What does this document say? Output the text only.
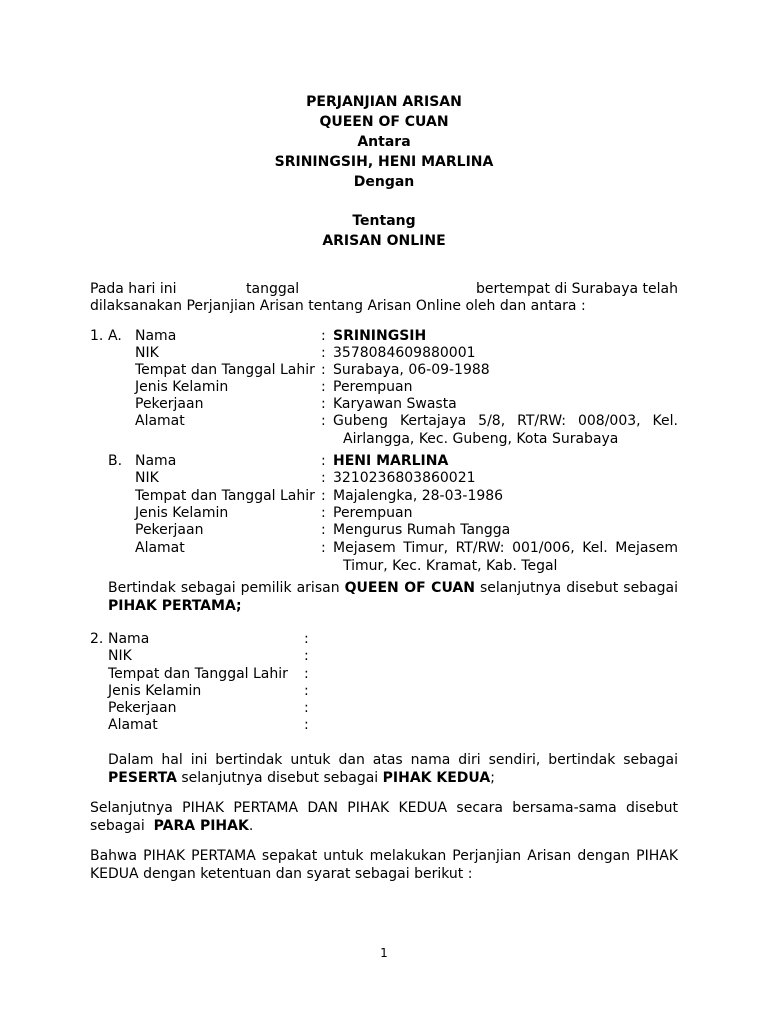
PERJANJIAN ARISAN
QUEEN OF CUAN
Antara
SRININGSIH, HENI MARLINA
Dengan
Tentang
ARISAN ONLINE
Pada hari ini	tanggal	bertempat di Surabaya telah
dilaksanakan Perjanjian Arisan tentang Arisan Online oleh dan antara :
1. A. Nama
NIK
Tempat dan Tanggal Lahir
Jenis Kelamin
Pekerjaan
Alamat
:
:
:
:
:
:
SRININGSIH
3578084609880001
Surabaya, 06-09-1988
Perempuan
Karyawan Swasta
Gubeng Kertajaya 5/8, RT/RW: 008/003, Kel.
Airlangga, Kec. Gubeng, Kota Surabaya
B. Nama
NIK
Tempat dan Tanggal Lahir
Jenis Kelamin
Pekerjaan
Alamat
:
:
:
:
:
:
HENI MARLINA
3210236803860021
Majalengka, 28-03-1986
Perempuan
Mengurus Rumah Tangga
Mejasem Timur, RT/RW: 001/006, Kel. Mejasem
Timur, Kec. Kramat, Kab. Tegal
Bertindak sebagai pemilik arisan QUEEN OF CUAN selanjutnya disebut sebagai
PIHAK PERTAMA;
2. Nama
NIK
Tempat dan Tanggal Lahir
Jenis Kelamin
Pekerjaan
Alamat
:
:
:
:
:
:
Dalam hal ini bertindak untuk dan atas nama diri sendiri, bertindak sebagai
PESERTA selanjutnya disebut sebagai PIHAK KEDUA;
Selanjutnya PIHAK PERTAMA DAN PIHAK KEDUA secara bersama-sama disebut
sebagai PARA PIHAK.
Bahwa PIHAK PERTAMA sepakat untuk melakukan Perjanjian Arisan dengan PIHAK
KEDUA dengan ketentuan dan syarat sebagai berikut :
1
